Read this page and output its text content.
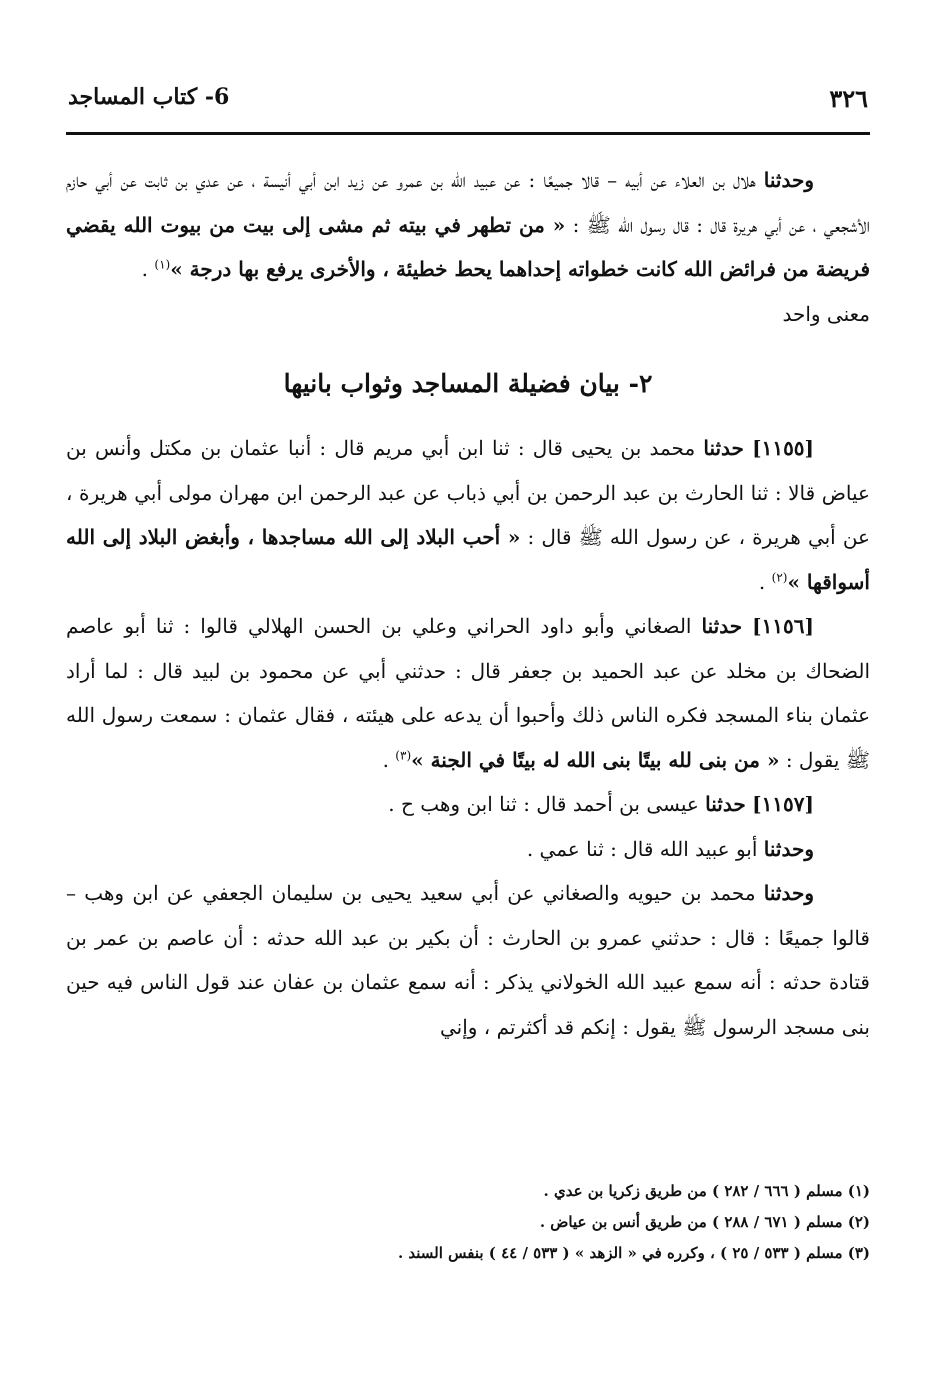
٣٢٦
6- كتاب المساجد

وحدثنا هلال بن العلاء عن أبيه – قالا جميعًا : عن عبيد الله بن عمرو عن زيد ابن أبي أنيسة ، عن عدي بن ثابت عن أبي حازم الأشجعي ، عن أبي هريرة قال : قال رسول الله ﷺ : « من تطهر في بيته ثم مشى إلى بيت من بيوت الله يقضي فريضة من فرائض الله كانت خطواته إحداهما يحط خطيئة ، والأخرى يرفع بها درجة »$^{(١)}$ .

معنى واحد

٢- بيان فضيلة المساجد وثواب بانيها

[١١٥٥] حدثنا محمد بن يحيى قال : ثنا ابن أبي مريم قال : أنبا عثمان بن مكتل وأنس بن عياض قالا : ثنا الحارث بن عبد الرحمن بن أبي ذباب عن عبد الرحمن ابن مهران مولى أبي هريرة ، عن أبي هريرة ، عن رسول الله ﷺ قال : « أحب البلاد إلى الله مساجدها ، وأبغض البلاد إلى الله أسواقها »$^{(٢)}$ .

[١١٥٦] حدثنا الصغاني وأبو داود الحراني وعلي بن الحسن الهلالي قالوا : ثنا أبو عاصم الضحاك بن مخلد عن عبد الحميد بن جعفر قال : حدثني أبي عن محمود بن لبيد قال : لما أراد عثمان بناء المسجد فكره الناس ذلك وأحبوا أن يدعه على هيئته ، فقال عثمان : سمعت رسول الله ﷺ يقول : « من بنى لله بيتًا بنى الله له بيتًا في الجنة »$^{(٣)}$ .

[١١٥٧] حدثنا عيسى بن أحمد قال : ثنا ابن وهب ح .

وحدثنا أبو عبيد الله قال : ثنا عمي .

وحدثنا محمد بن حيويه والصغاني عن أبي سعيد يحيى بن سليمان الجعفي عن ابن وهب – قالوا جميعًا : قال : حدثني عمرو بن الحارث : أن بكير بن عبد الله حدثه : أن عاصم بن عمر بن قتادة حدثه : أنه سمع عبيد الله الخولاني يذكر : أنه سمع عثمان بن عفان عند قول الناس فيه حين بنى مسجد الرسول ﷺ يقول : إنكم قد أكثرتم ، وإني

(١) مسلم ( ٦٦٦ / ٢٨٢ ) من طريق زكريا بن عدي .

(٢) مسلم ( ٦٧١ / ٢٨٨ ) من طريق أنس بن عياض .

(٣) مسلم ( ٥٣٣ / ٢٥ ) ، وكرره في « الزهد » ( ٥٣٣ / ٤٤ ) بنفس السند .
